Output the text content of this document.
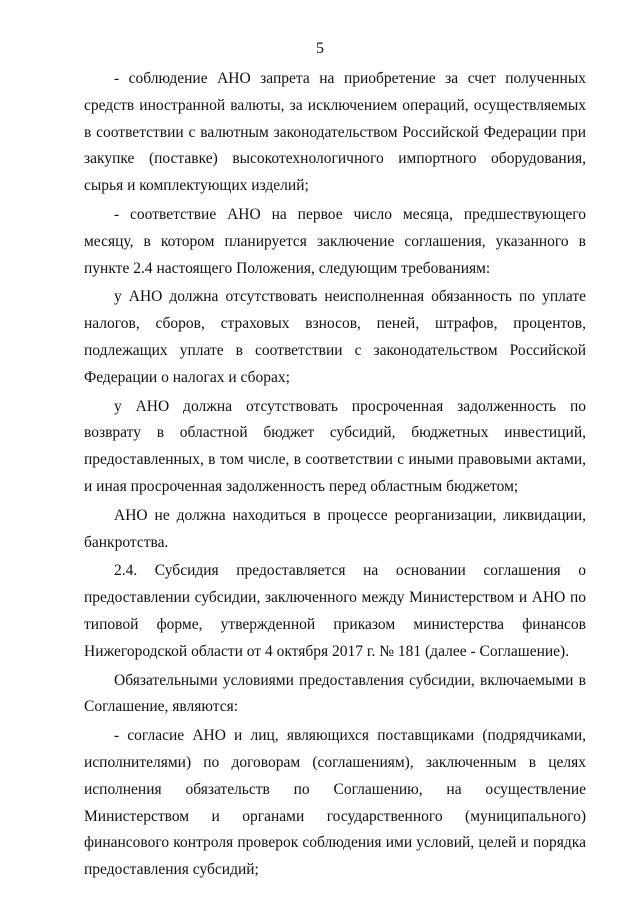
5

- соблюдение АНО запрета на приобретение за счет полученных средств иностранной валюты, за исключением операций, осуществляемых в соответствии с валютным законодательством Российской Федерации при закупке (поставке) высокотехнологичного импортного оборудования, сырья и комплектующих изделий;

- соответствие АНО на первое число месяца, предшествующего месяцу, в котором планируется заключение соглашения, указанного в пункте 2.4 настоящего Положения, следующим требованиям:

у АНО должна отсутствовать неисполненная обязанность по уплате налогов, сборов, страховых взносов, пеней, штрафов, процентов, подлежащих уплате в соответствии с законодательством Российской Федерации о налогах и сборах;

у АНО должна отсутствовать просроченная задолженность по возврату в областной бюджет субсидий, бюджетных инвестиций, предоставленных, в том числе, в соответствии с иными правовыми актами, и иная просроченная задолженность перед областным бюджетом;

АНО не должна находиться в процессе реорганизации, ликвидации, банкротства.

2.4. Субсидия предоставляется на основании соглашения о предоставлении субсидии, заключенного между Министерством и АНО по типовой форме, утвержденной приказом министерства финансов Нижегородской области от 4 октября 2017 г. № 181 (далее - Соглашение).

Обязательными условиями предоставления субсидии, включаемыми в Соглашение, являются:

- согласие АНО и лиц, являющихся поставщиками (подрядчиками, исполнителями) по договорам (соглашениям), заключенным в целях исполнения обязательств по Соглашению, на осуществление Министерством и органами государственного (муниципального) финансового контроля проверок соблюдения ими условий, целей и порядка предоставления субсидий;
